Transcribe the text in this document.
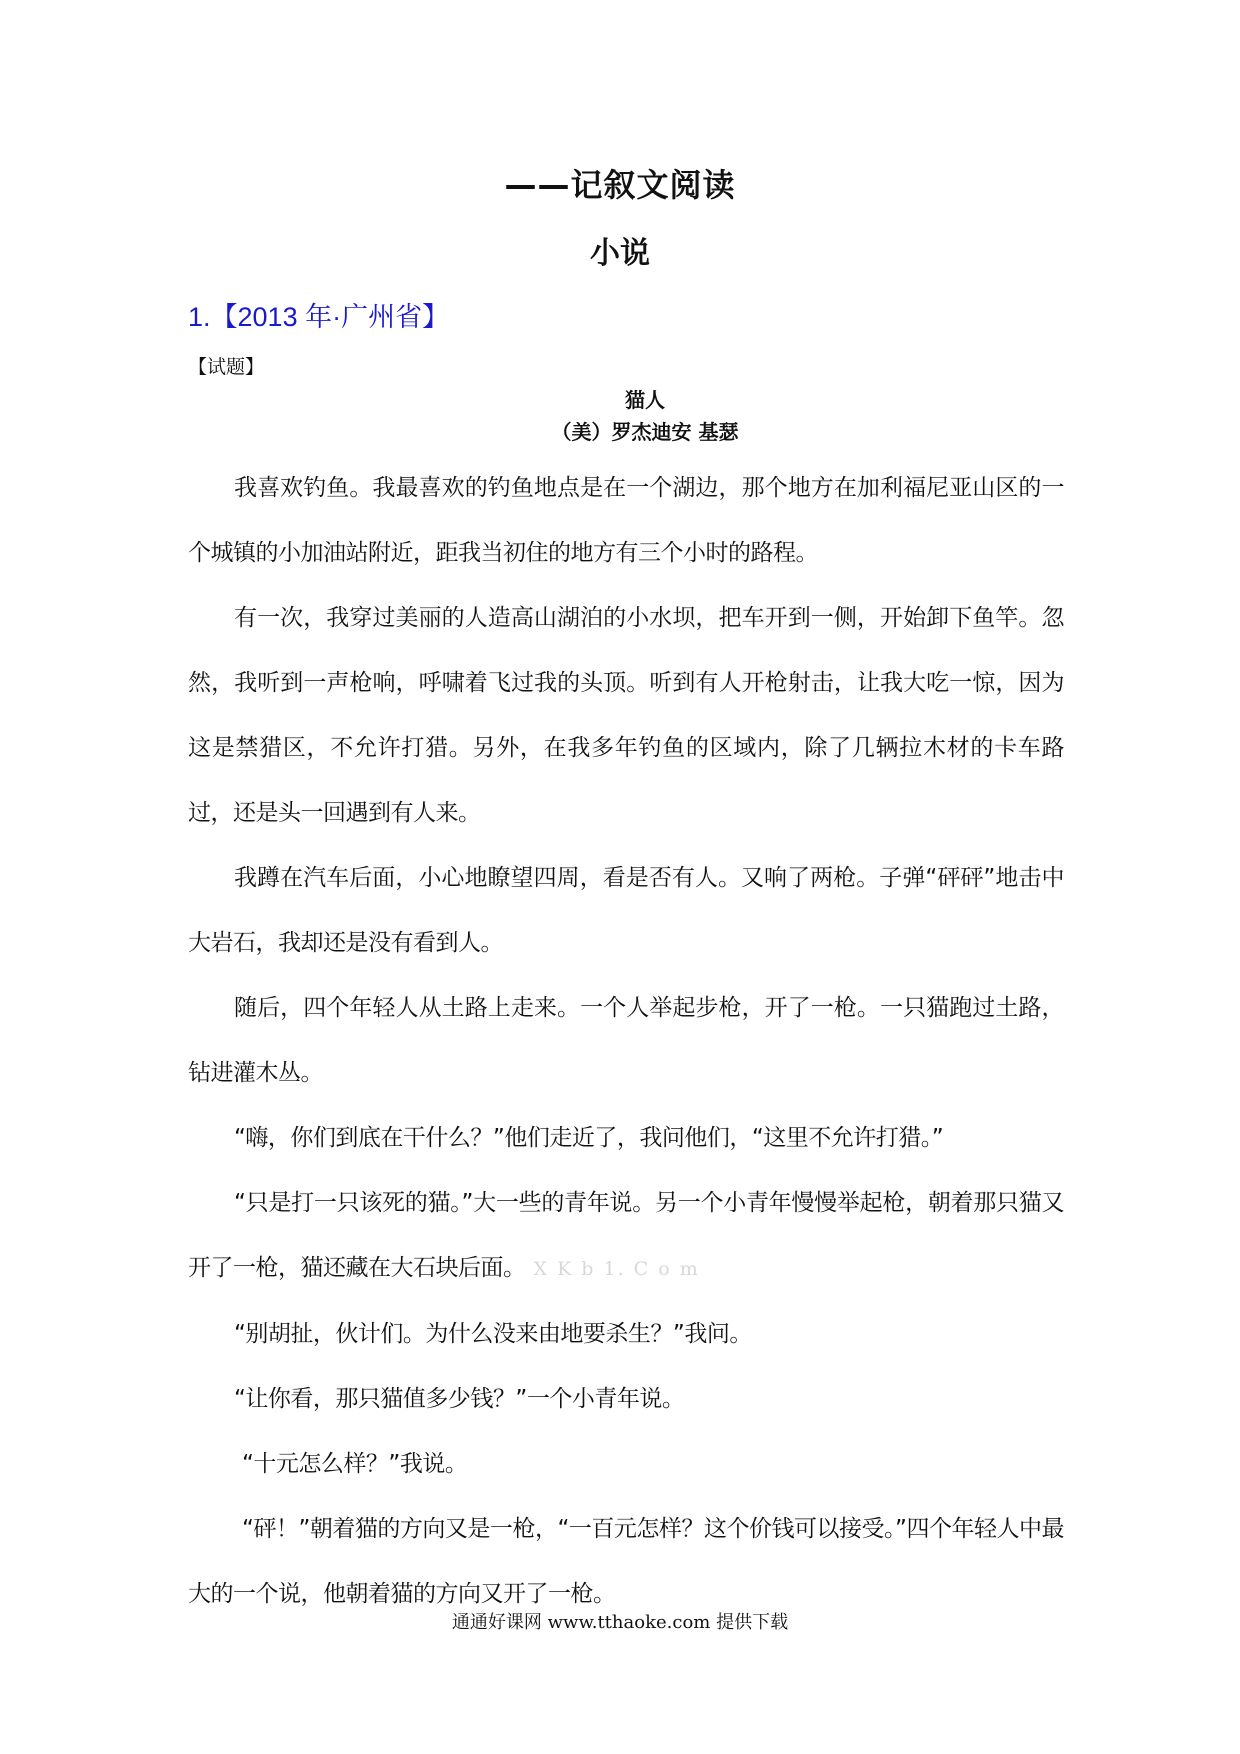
——记叙文阅读
小说
1.【2013 年·广州省】
【试题】
猫人
（美）罗杰迪安 基瑟

我喜欢钓鱼。我最喜欢的钓鱼地点是在一个湖边，那个地方在加利福尼亚山区的一个城镇的小加油站附近，距我当初住的地方有三个小时的路程。

有一次，我穿过美丽的人造高山湖泊的小水坝，把车开到一侧，开始卸下鱼竿。忽然，我听到一声枪响，呼啸着飞过我的头顶。听到有人开枪射击，让我大吃一惊，因为这是禁猎区，不允许打猎。另外，在我多年钓鱼的区域内，除了几辆拉木材的卡车路过，还是头一回遇到有人来。

我蹲在汽车后面，小心地瞭望四周，看是否有人。又响了两枪。子弹“砰砰”地击中大岩石，我却还是没有看到人。

随后，四个年轻人从土路上走来。一个人举起步枪，开了一枪。一只猫跑过土路，钻进灌木丛。

“嗨，你们到底在干什么？”他们走近了，我问他们，“这里不允许打猎。”

“只是打一只该死的猫。”大一些的青年说。另一个小青年慢慢举起枪，朝着那只猫又开了一枪，猫还藏在大石块后面。 X K b 1. C o m

“别胡扯，伙计们。为什么没来由地要杀生？”我问。

“让你看，那只猫值多少钱？”一个小青年说。

“十元怎么样？”我说。

“砰！”朝着猫的方向又是一枪，“一百元怎样？这个价钱可以接受。”四个年轻人中最大的一个说，他朝着猫的方向又开了一枪。

通通好课网 www.tthaoke.com 提供下载
